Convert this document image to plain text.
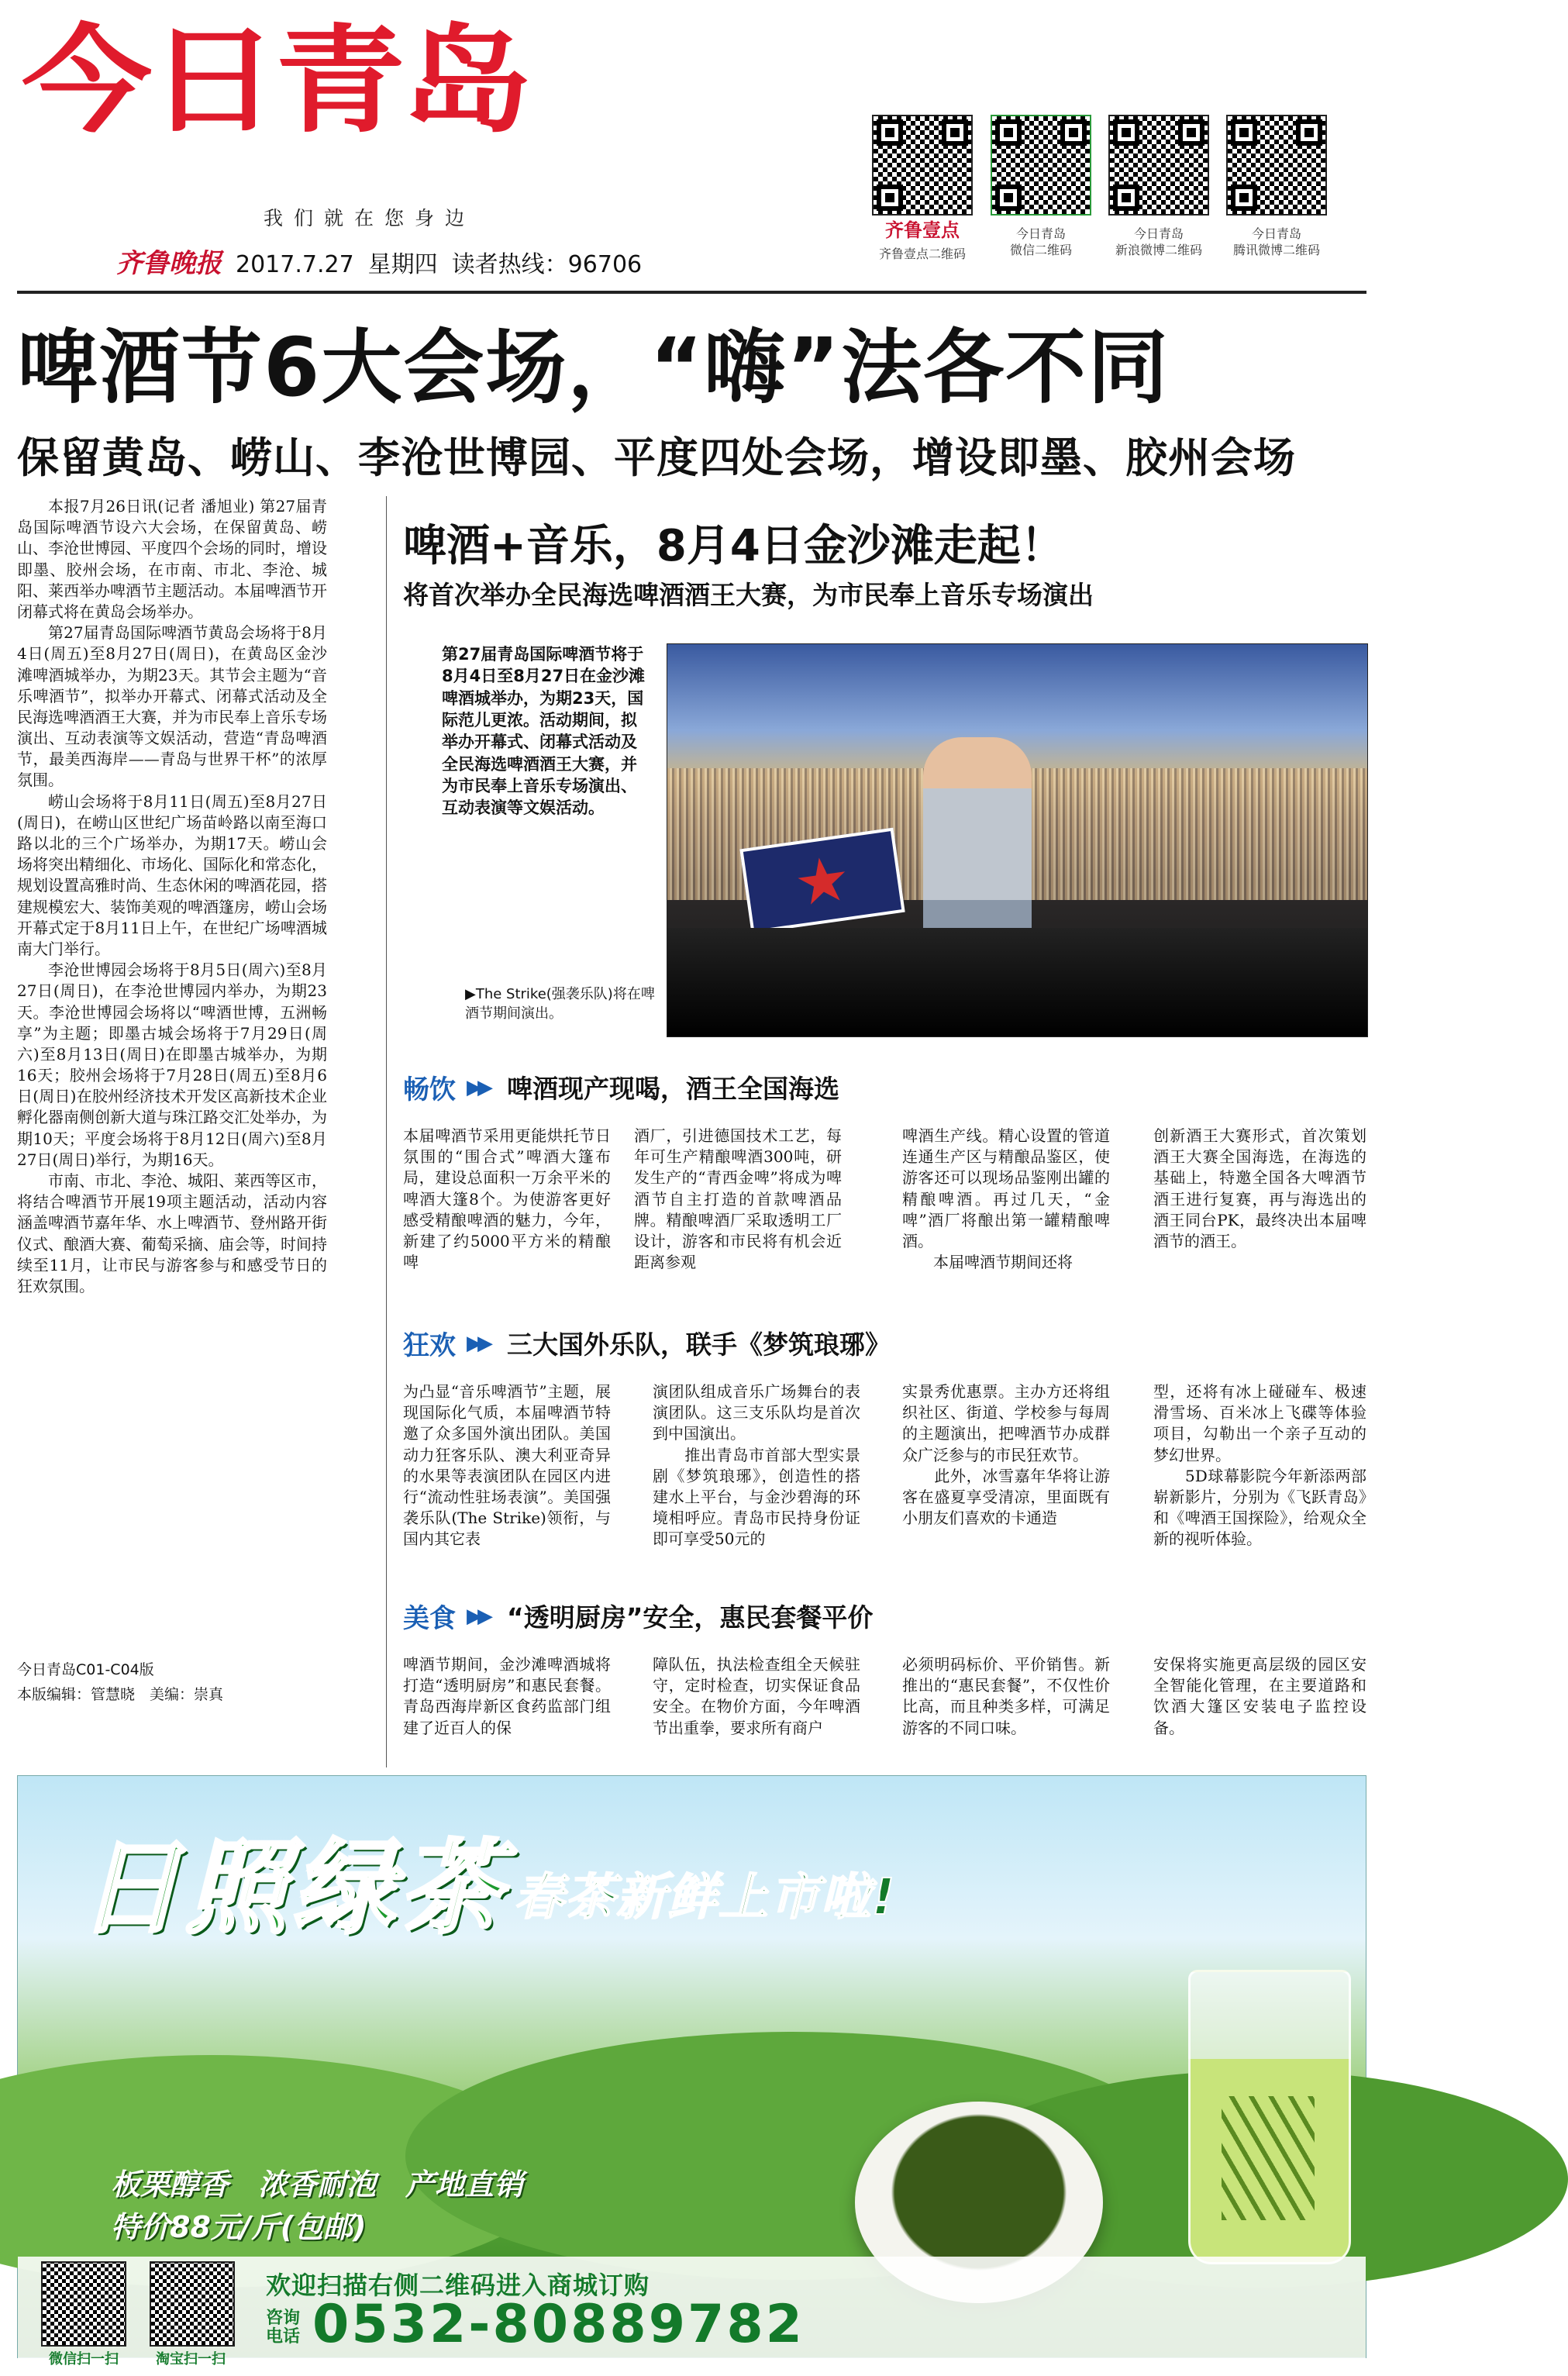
今日青岛
我们就在您身边
齐鲁晚报 2017.7.27 星期四 读者热线：96706
齐鲁壹点
齐鲁壹点二维码
今日青岛
微信二维码
今日青岛
新浪微博二维码
今日青岛
腾讯微博二维码
啤酒节6大会场，“嗨”法各不同
保留黄岛、崂山、李沧世博园、平度四处会场，增设即墨、胶州会场

本报7月26日讯(记者 潘旭业) 第27届青岛国际啤酒节设六大会场，在保留黄岛、崂山、李沧世博园、平度四个会场的同时，增设即墨、胶州会场，在市南、市北、李沧、城阳、莱西举办啤酒节主题活动。本届啤酒节开闭幕式将在黄岛会场举办。

第27届青岛国际啤酒节黄岛会场将于8月4日(周五)至8月27日(周日)，在黄岛区金沙滩啤酒城举办，为期23天。其节会主题为“音乐啤酒节”，拟举办开幕式、闭幕式活动及全民海选啤酒酒王大赛，并为市民奉上音乐专场演出、互动表演等文娱活动，营造“青岛啤酒节，最美西海岸——青岛与世界干杯”的浓厚氛围。

崂山会场将于8月11日(周五)至8月27日(周日)，在崂山区世纪广场苗岭路以南至海口路以北的三个广场举办，为期17天。崂山会场将突出精细化、市场化、国际化和常态化，规划设置高雅时尚、生态休闲的啤酒花园，搭建规模宏大、装饰美观的啤酒篷房，崂山会场开幕式定于8月11日上午，在世纪广场啤酒城南大门举行。

李沧世博园会场将于8月5日(周六)至8月27日(周日)，在李沧世博园内举办，为期23天。李沧世博园会场将以“啤酒世博，五洲畅享”为主题；即墨古城会场将于7月29日(周六)至8月13日(周日)在即墨古城举办，为期16天；胶州会场将于7月28日(周五)至8月6日(周日)在胶州经济技术开发区高新技术企业孵化器南侧创新大道与珠江路交汇处举办，为期10天；平度会场将于8月12日(周六)至8月27日(周日)举行，为期16天。

市南、市北、李沧、城阳、莱西等区市，将结合啤酒节开展19项主题活动，活动内容涵盖啤酒节嘉年华、水上啤酒节、登州路开街仪式、酿酒大赛、葡萄采摘、庙会等，时间持续至11月，让市民与游客参与和感受节日的狂欢氛围。

今日青岛C01-C04版
本版编辑：管慧晓　美编：崇真
啤酒+音乐，8月4日金沙滩走起！
将首次举办全民海选啤酒酒王大赛，为市民奉上音乐专场演出
第27届青岛国际啤酒节将于8月4日至8月27日在金沙滩啤酒城举办，为期23天，国际范儿更浓。活动期间，拟举办开幕式、闭幕式活动及全民海选啤酒酒王大赛，并为市民奉上音乐专场演出、互动表演等文娱活动。
★
▶The Strike(强袭乐队)将在啤酒节期间演出。
畅饮 ▶▶ 啤酒现产现喝，酒王全国海选
本届啤酒节采用更能烘托节日氛围的“围合式”啤酒大篷布局，建设总面积一万余平米的啤酒大篷8个。为使游客更好感受精酿啤酒的魅力，今年，新建了约5000平方米的精酿啤
酒厂，引进德国技术工艺，每年可生产精酿啤酒300吨，研发生产的“青西金啤”将成为啤酒节自主打造的首款啤酒品牌。精酿啤酒厂采取透明工厂设计，游客和市民将有机会近距离参观
啤酒生产线。精心设置的管道连通生产区与精酿品鉴区，使游客还可以现场品鉴刚出罐的精酿啤酒。再过几天，“金啤”酒厂将酿出第一罐精酿啤酒。
　　本届啤酒节期间还将
创新酒王大赛形式，首次策划酒王大赛全国海选，在海选的基础上，特邀全国各大啤酒节酒王进行复赛，再与海选出的酒王同台PK，最终决出本届啤酒节的酒王。
狂欢 ▶▶ 三大国外乐队，联手《梦筑琅琊》
为凸显“音乐啤酒节”主题，展现国际化气质，本届啤酒节特邀了众多国外演出团队。美国动力狂客乐队、澳大利亚奇异的水果等表演团队在园区内进行“流动性驻场表演”。美国强袭乐队(The Strike)领衔，与国内其它表
演团队组成音乐广场舞台的表演团队。这三支乐队均是首次到中国演出。
　　推出青岛市首部大型实景剧《梦筑琅琊》，创造性的搭建水上平台，与金沙碧海的环境相呼应。青岛市民持身份证即可享受50元的
实景秀优惠票。主办方还将组织社区、街道、学校参与每周的主题演出，把啤酒节办成群众广泛参与的市民狂欢节。
　　此外，冰雪嘉年华将让游客在盛夏享受清凉，里面既有小朋友们喜欢的卡通造
型，还将有冰上碰碰车、极速滑雪场、百米冰上飞碟等体验项目，勾勒出一个亲子互动的梦幻世界。
　　5D球幕影院今年新添两部崭新影片，分别为《飞跃青岛》和《啤酒王国探险》，给观众全新的视听体验。
美食 ▶▶ “透明厨房”安全，惠民套餐平价
啤酒节期间，金沙滩啤酒城将打造“透明厨房”和惠民套餐。青岛西海岸新区食药监部门组建了近百人的保
障队伍，执法检查组全天候驻守，定时检查，切实保证食品安全。在物价方面，今年啤酒节出重拳，要求所有商户
必须明码标价、平价销售。新推出的“惠民套餐”，不仅性价比高，而且种类多样，可满足游客的不同口味。
安保将实施更高层级的园区安全智能化管理，在主要道路和饮酒大篷区安装电子监控设备。
日照绿茶 春茶新鲜上市啦!
板栗醇香　浓香耐泡　产地直销
特价88元/斤(包邮)
微信扫一扫	淘宝扫一扫
欢迎扫描右侧二维码进入商城订购
咨询电话 0532-80889782
